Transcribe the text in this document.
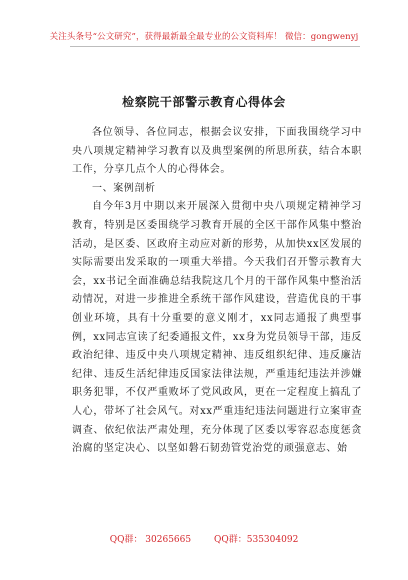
关注头条号“公文研究”，获得最新最全最专业的公文资料库！ 微信：gongwenyj
检察院干部警示教育心得体会

各位领导、各位同志，根据会议安排，下面我围绕学习中央八项规定精神学习教育以及典型案例的所思所获，结合本职工作，分享几点个人的心得体会。

一、案例剖析

自今年3月中期以来开展深入贯彻中央八项规定精神学习教育，特别是区委围绕学习教育开展的全区干部作风集中整治活动，是区委、区政府主动应对新的形势，从加快xx区发展的实际需要出发采取的一项重大举措。今天我们召开警示教育大会，xx书记全面准确总结我院这几个月的干部作风集中整治活动情况，对进一步推进全系统干部作风建设，营造优良的干事创业环境，具有十分重要的意义刚才，xx同志通报了典型事例，xx同志宣读了纪委通报文件，xx身为党员领导干部，违反政治纪律、违反中央八项规定精神、违反组织纪律、违反廉洁纪律、违反生活纪律违反国家法律法规，严重违纪违法并涉嫌职务犯罪，不仅严重败坏了党风政风，更在一定程度上搞乱了人心，带坏了社会风气。对xx严重违纪违法问题进行立案审查调查、依纪依法严肃处理，充分体现了区委以零容忍态度惩贪治腐的坚定决心、以坚如磐石韧劲管党治党的顽强意志、始

QQ群： 30265665	QQ群：535304092
